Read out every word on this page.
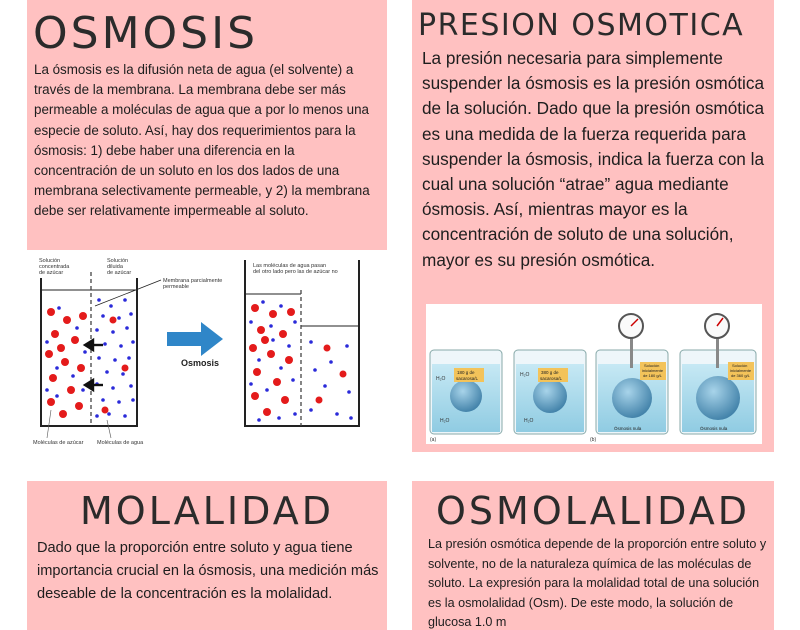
OSMOSIS

La ósmosis es la difusión neta de agua (el solvente) a través de la membrana. La membrana debe ser más permeable a moléculas de agua que a por lo menos una especie de soluto. Así, hay dos requerimientos para la ósmosis: 1) debe haber una diferencia en la concentración de un soluto en los dos lados de una membrana selectivamente permeable, y 2) la membrana debe ser relativamente impermeable al soluto.

Solución concentrada de azúcar
Solución diluida de azúcar
Membrana parcialmente permeable
Moléculas de azúcar Moléculas de agua
Osmosis
Las moléculas de agua pasan del otro lado pero las de azúcar no
PRESION OSMOTICA

La presión necesaria para simplemente suspender la ósmosis es la presión osmótica de la solución. Dado que la presión osmótica es una medida de la fuerza requerida para suspender la ósmosis, indica la fuerza con la cual una solución “atrae” agua mediante ósmosis. Así, mientras mayor es la concentración de soluto de una solución, mayor es su presión osmótica.

180 g de sacarosa/L
H₂O
H₂O
380 g de sacarosa/L
H₂O
H₂O
Solución inicialmente de 180 g/L
Ósmosis nula
Solución inicialmente de 360 g/L
Ósmosis nula
(a)	(b)
MOLALIDAD

Dado que la proporción entre soluto y agua tiene importancia crucial en la ósmosis, una medición más deseable de la concentración es la molalidad.

OSMOLALIDAD

La presión osmótica depende de la proporción entre soluto y solvente, no de la naturaleza química de las moléculas de soluto. La expresión para la molalidad total de una solución es la osmolalidad (Osm). De este modo, la solución de glucosa 1.0 m
